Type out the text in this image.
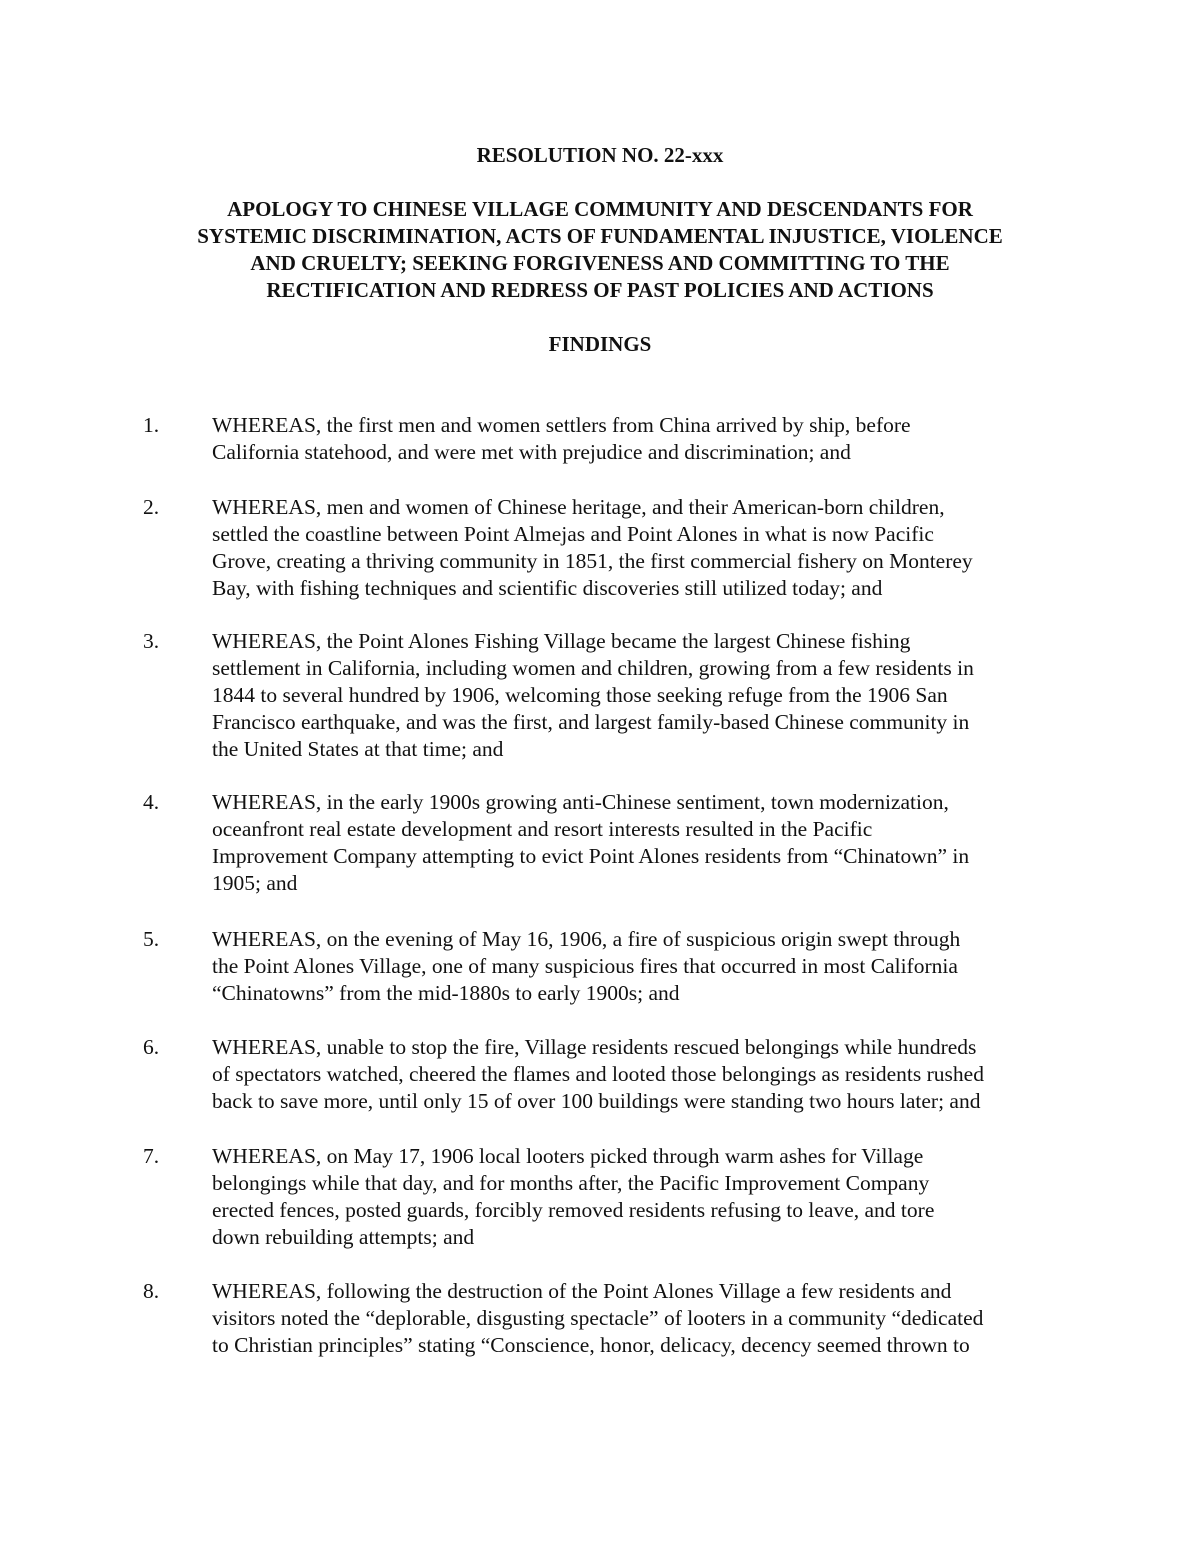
RESOLUTION NO. 22-xxx
APOLOGY TO CHINESE VILLAGE COMMUNITY AND DESCENDANTS FOR
SYSTEMIC DISCRIMINATION, ACTS OF FUNDAMENTAL INJUSTICE, VIOLENCE
AND CRUELTY; SEEKING FORGIVENESS AND COMMITTING TO THE
RECTIFICATION AND REDRESS OF PAST POLICIES AND ACTIONS
FINDINGS
1. WHEREAS, the first men and women settlers from China arrived by ship, before
California statehood, and were met with prejudice and discrimination; and
2. WHEREAS, men and women of Chinese heritage, and their American-born children,
settled the coastline between Point Almejas and Point Alones in what is now Pacific
Grove, creating a thriving community in 1851, the first commercial fishery on Monterey
Bay, with fishing techniques and scientific discoveries still utilized today; and
3. WHEREAS, the Point Alones Fishing Village became the largest Chinese fishing
settlement in California, including women and children, growing from a few residents in
1844 to several hundred by 1906, welcoming those seeking refuge from the 1906 San
Francisco earthquake, and was the first, and largest family-based Chinese community in
the United States at that time; and
4. WHEREAS, in the early 1900s growing anti-Chinese sentiment, town modernization,
oceanfront real estate development and resort interests resulted in the Pacific
Improvement Company attempting to evict Point Alones residents from “Chinatown” in
1905; and
5. WHEREAS, on the evening of May 16, 1906, a fire of suspicious origin swept through
the Point Alones Village, one of many suspicious fires that occurred in most California
“Chinatowns” from the mid-1880s to early 1900s; and
6. WHEREAS, unable to stop the fire, Village residents rescued belongings while hundreds
of spectators watched, cheered the flames and looted those belongings as residents rushed
back to save more, until only 15 of over 100 buildings were standing two hours later; and
7. WHEREAS, on May 17, 1906 local looters picked through warm ashes for Village
belongings while that day, and for months after, the Pacific Improvement Company
erected fences, posted guards, forcibly removed residents refusing to leave, and tore
down rebuilding attempts; and
8. WHEREAS, following the destruction of the Point Alones Village a few residents and
visitors noted the “deplorable, disgusting spectacle” of looters in a community “dedicated
to Christian principles” stating “Conscience, honor, delicacy, decency seemed thrown to
